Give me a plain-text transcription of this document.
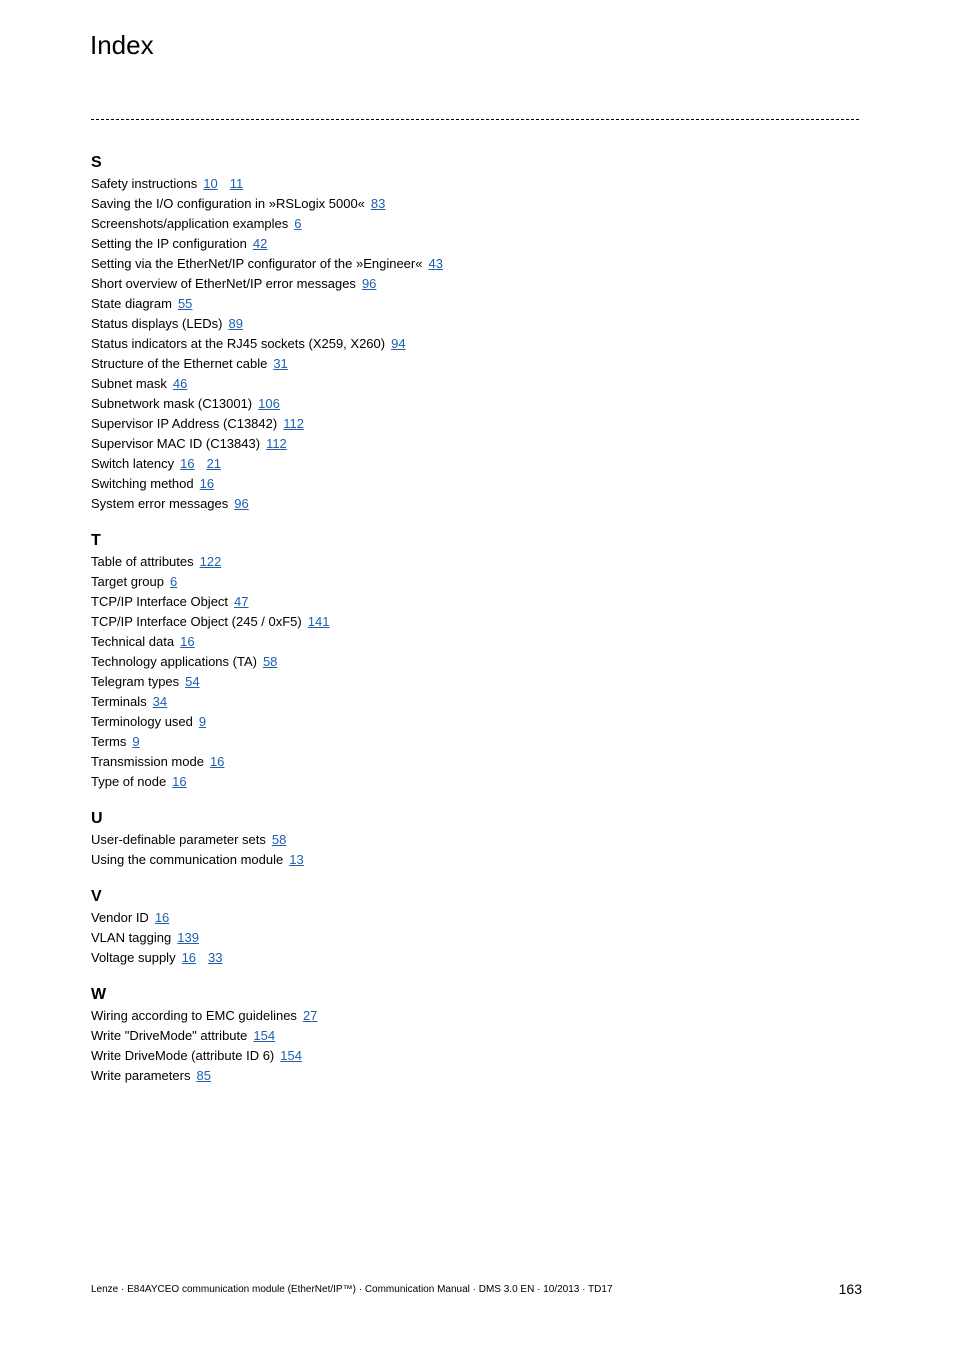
Index
S
Safety instructions 10 11
Saving the I/O configuration in »RSLogix 5000« 83
Screenshots/application examples 6
Setting the IP configuration 42
Setting via the EtherNet/IP configurator of the »Engineer« 43
Short overview of EtherNet/IP error messages 96
State diagram 55
Status displays (LEDs) 89
Status indicators at the RJ45 sockets (X259, X260) 94
Structure of the Ethernet cable 31
Subnet mask 46
Subnetwork mask (C13001) 106
Supervisor IP Address (C13842) 112
Supervisor MAC ID (C13843) 112
Switch latency 16 21
Switching method 16
System error messages 96
T
Table of attributes 122
Target group 6
TCP/IP Interface Object 47
TCP/IP Interface Object (245 / 0xF5) 141
Technical data 16
Technology applications (TA) 58
Telegram types 54
Terminals 34
Terminology used 9
Terms 9
Transmission mode 16
Type of node 16
U
User-definable parameter sets 58
Using the communication module 13
V
Vendor ID 16
VLAN tagging 139
Voltage supply 16 33
W
Wiring according to EMC guidelines 27
Write "DriveMode" attribute 154
Write DriveMode (attribute ID 6) 154
Write parameters 85
Lenze · E84AYCEO communication module (EtherNet/IP™) · Communication Manual · DMS 3.0 EN · 10/2013 · TD17	163
